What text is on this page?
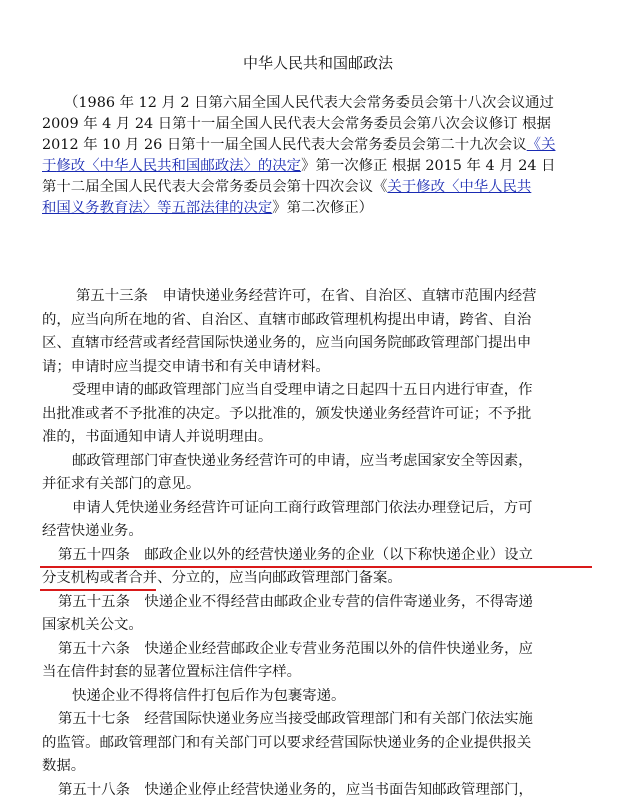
中华人民共和国邮政法
（1986 年 12 月 2 日第六届全国人民代表大会常务委员会第十八次会议通过
2009 年 4 月 24 日第十一届全国人民代表大会常务委员会第八次会议修订 根据
2012 年 10 月 26 日第十一届全国人民代表大会常务委员会第二十九次会议《关
于修改〈中华人民共和国邮政法〉的决定》第一次修正 根据 2015 年 4 月 24 日
第十二届全国人民代表大会常务委员会第十四次会议《关于修改〈中华人民共
和国义务教育法〉等五部法律的决定》第二次修正）
第五十三条　申请快递业务经营许可，在省、自治区、直辖市范围内经营
的，应当向所在地的省、自治区、直辖市邮政管理机构提出申请，跨省、自治
区、直辖市经营或者经营国际快递业务的，应当向国务院邮政管理部门提出申
请；申请时应当提交申请书和有关申请材料。
受理申请的邮政管理部门应当自受理申请之日起四十五日内进行审查，作
出批准或者不予批准的决定。予以批准的，颁发快递业务经营许可证；不予批
准的，书面通知申请人并说明理由。
邮政管理部门审查快递业务经营许可的申请，应当考虑国家安全等因素，
并征求有关部门的意见。
申请人凭快递业务经营许可证向工商行政管理部门依法办理登记后，方可
经营快递业务。
第五十四条　邮政企业以外的经营快递业务的企业（以下称快递企业）设立
分支机构或者合并、分立的，应当向邮政管理部门备案。
第五十五条　快递企业不得经营由邮政企业专营的信件寄递业务，不得寄递
国家机关公文。
第五十六条　快递企业经营邮政企业专营业务范围以外的信件快递业务，应
当在信件封套的显著位置标注信件字样。
快递企业不得将信件打包后作为包裹寄递。
第五十七条　经营国际快递业务应当接受邮政管理部门和有关部门依法实施
的监管。邮政管理部门和有关部门可以要求经营国际快递业务的企业提供报关
数据。
第五十八条　快递企业停止经营快递业务的，应当书面告知邮政管理部门，
